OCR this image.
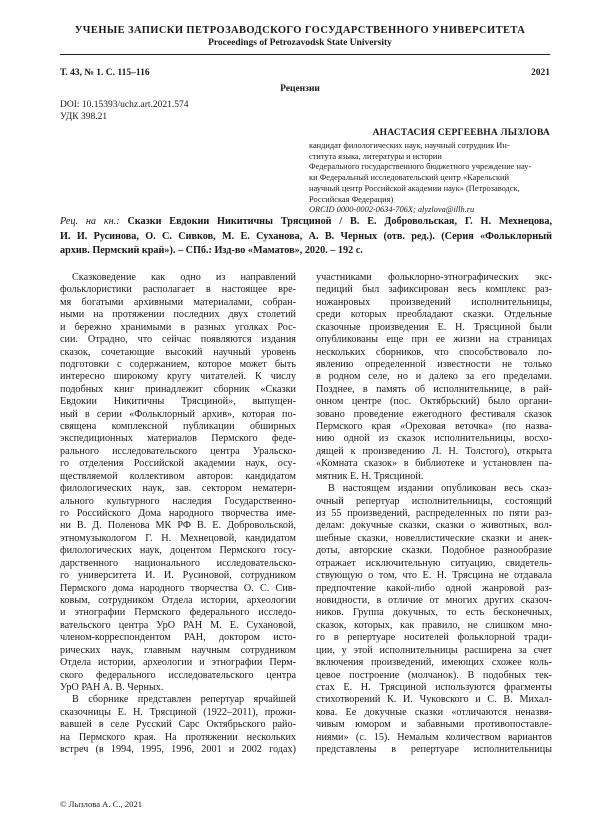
УЧЕНЫЕ ЗАПИСКИ ПЕТРОЗАВОДСКОГО ГОСУДАРСТВЕННОГО УНИВЕРСИТЕТА
Proceedings of Petrozavodsk State University
Т. 43, № 1. С. 115–116	2021
Рецензии
DOI: 10.15393/uchz.art.2021.574
УДК 398.21
АНАСТАСИЯ СЕРГЕЕВНА ЛЫЗЛОВА
кандидат филологических наук, научный сотрудник Ин-
ститута языка, литературы и истории
Федерального государственного бюджетного учреждение нау-
ки Федеральный исследовательский центр «Карельский
научный центр Российской академии наук» (Петрозаводск,
Российская Федерация)
ORCID 0000-0002-0634-706X; alyzlova@illh.ru
Рец. на кн.: Сказки Евдокии Никитичны Трясциной / В. Е. Добровольская, Г. Н. Мехнецова,
И. И. Русинова, О. С. Сивков, М. Е. Суханова, А. В. Черных (отв. ред.). (Серия «Фольклорный
архив. Пермский край»). – СПб.: Изд-во «Маматов», 2020. – 192 с.
Сказковедение как одно из направлений
фольклористики располагает в настоящее вре-
мя богатыми архивными материалами, собран-
ными на протяжении последних двух столетий
и бережно хранимыми в разных уголках Рос-
сии. Отрадно, что сейчас появляются издания
сказок, сочетающие высокий научный уровень
подготовки с содержанием, которое может быть
интересно широкому кругу читателей. К числу
подобных книг принадлежит сборник «Сказки
Евдокии Никитичны Трясциной», выпущен-
ный в серии «Фольклорный архив», которая по-
священа комплексной публикации обширных
экспедиционных материалов Пермского феде-
рального исследовательского центра Уральско-
го отделения Российской академии наук, осу-
ществляемой коллективом авторов: кандидатом
филологических наук, зав. сектором нематери-
ального культурного наследия Государственно-
го Российского Дома народного творчества име-
ни В. Д. Поленова МК РФ В. Е. Добровольской,
этномузыкологом Г. Н. Мехнецовой, кандидатом
филологических наук, доцентом Пермского госу-
дарственного национального исследовательско-
го университета И. И. Русиновой, сотрудником
Пермского дома народного творчества О. С. Сив-
ковым, сотрудником Отдела истории, археологии
и этнографии Пермского федерального исследо-
вательского центра УрО РАН М. Е. Сухановой,
членом-корреспондентом РАН, доктором исто-
рических наук, главным научным сотрудником
Отдела истории, археологии и этнографии Перм-
ского федерального исследовательского центра
УрО РАН А. В. Черных.
В сборнике представлен репертуар ярчайшей
сказочницы Е. Н. Трясциной (1922–2011), прожи-
вавшей в селе Русский Сарс Октябрьского райо-
на Пермского края. На протяжении нескольких
встреч (в 1994, 1995, 1996, 2001 и 2002 годах)
участниками фольклорно-этнографических экс-
педиций был зафиксирован весь комплекс раз-
ножанровых произведений исполнительницы,
среди которых преобладают сказки. Отдельные
сказочные произведения Е. Н. Трясциной были
опубликованы еще при ее жизни на страницах
нескольких сборников, что способствовало по-
явлению определенной известности не только
в родном селе, но и далеко за его пределами.
Позднее, в память об исполнительнице, в рай-
онном центре (пос. Октябрьский) было органи-
зовано проведение ежегодного фестиваля сказок
Пермского края «Ореховая веточка» (по назва-
нию одной из сказок исполнительницы, восхо-
дящей к произведению Л. Н. Толстого), открыта
«Комната сказок» в библиотеке и установлен па-
мятник Е. Н. Трясциной.
В настоящем издании опубликован весь сказ-
очный репертуар исполнительницы, состоящий
из 55 произведений, распределенных по пяти раз-
делам: докучные сказки, сказки о животных, вол-
шебные сказки, новеллистические сказки и анек-
доты, авторские сказки. Подобное разнообразие
отражает исключительную ситуацию, свидетель-
ствующую о том, что Е. Н. Трясцина не отдавала
предпочтение какой-либо одной жанровой раз-
новидности, в отличие от многих других сказоч-
ников. Группа докучных, то есть бесконечных,
сказок, которых, как правило, не слишком мно-
го в репертуаре носителей фольклорной тради-
ции, у этой исполнительницы расширена за счет
включения произведений, имеющих схожее коль-
цевое построение (молчанок). В подобных тек-
стах Е. Н. Трясциной используются фрагменты
стихотворений К. И. Чуковского и С. В. Михал-
кова. Ее докучные сказки «отличаются неназвя-
чивым юмором и забавными противопоставле-
ниями» (с. 15). Немалым количеством вариантов
представлены в репертуаре исполнительницы
© Лызлова А. С., 2021
